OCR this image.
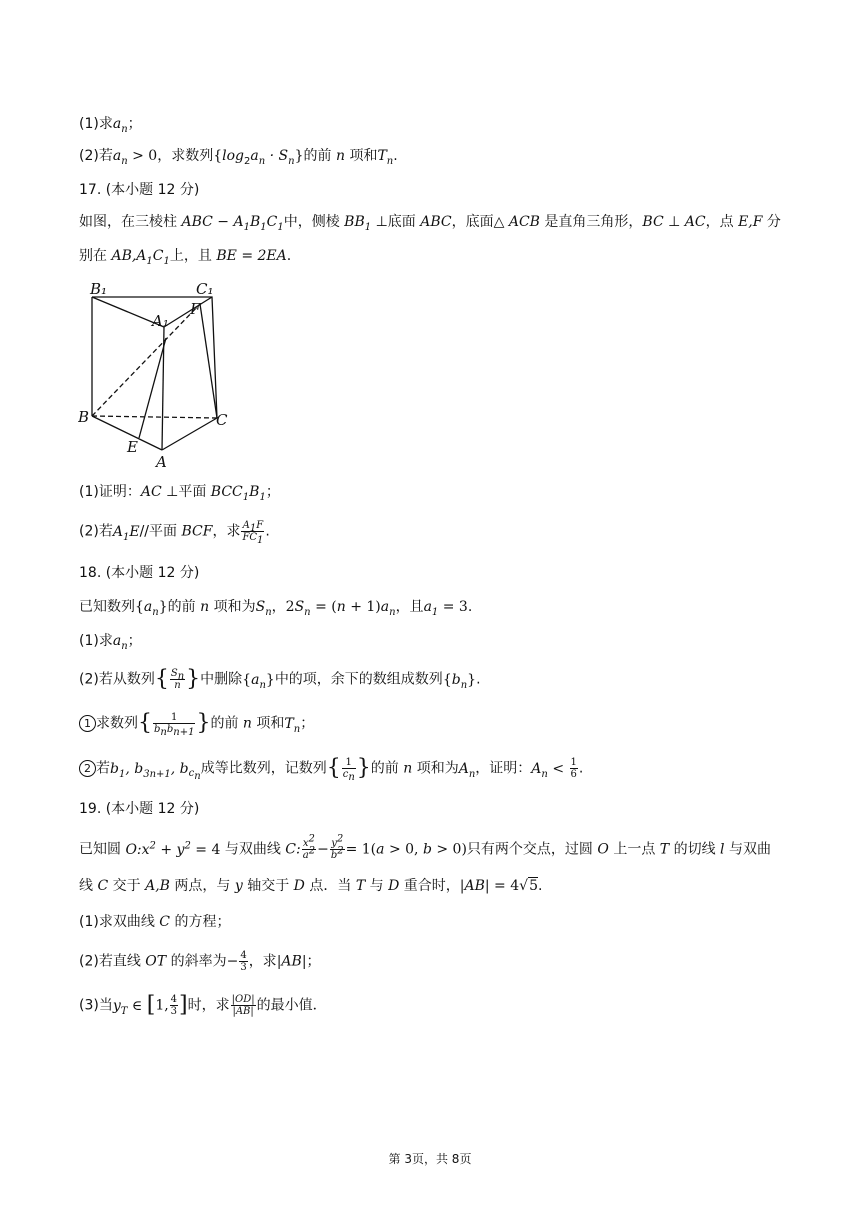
(1)求$a_n$；
(2)若$a_n > 0$，求数列$\{\log_2a_n \cdot S_n\}$的前 n 项和$T_n$.
17. (本小题 12 分)
如图，在三棱柱 ABC − $A_1B_1C_1$中，侧棱 $BB_1$ ⊥底面 ABC，底面△ ACB 是直角三角形，BC ⊥ AC，点 E,F 分
别在 $AB,A_1C_1$上，且 BE = 2EA.
B₁	C₁
A₁
F
B	C
E
A
(1)证明：AC ⊥平面 $BCC_1B_1$；
(2)若$A_1E//$平面 BCF，求 $\frac{A_1F}{FC_1}$ .
18. (本小题 12 分)
已知数列$\{a_n\}$的前 n 项和为$S_n$，$2S_n = (n + 1)a_n$，且$a_1 = 3$.
(1)求$a_n$；
(2)若从数列{ $\frac{S_n}{n}$ }中删除$\{a_n\}$中的项，余下的数组成数列$\{b_n\}$.
1 求数列{ $\frac{1}{b_nb_{n+1}}$ }的前 n 项和$T_n$；
2 若$b_1$, $b_{3n+1}$, $b_{c_n}$成等比数列，记数列{ $\frac{1}{c_n}$ }的前 n 项和为$A_n$，证明：$A_n < \frac{1}{6}$ .
19. (本小题 12 分)
已知圆 $O:x^2 + y^2 = 4$ 与双曲线 C: $\frac{x^2}{a^2} - \frac{y^2}{b^2} = 1(a > 0$, b > 0)只有两个交点，过圆 O 上一点 T 的切线 l 与双曲
线 C 交于 A,B 两点，与 y 轴交于 D 点．当 T 与 D 重合时，|AB| = 4√5.
(1)求双曲线 C 的方程；
(2)若直线 OT 的斜率为− $\frac{4}{3}$ ，求|AB|；
(3)当$y_T$ ∈ [1, $\frac{4}{3}$ ]时，求 $\frac{|OD|}{|AB|}$ 的最小值．
第 3页，共 8页
